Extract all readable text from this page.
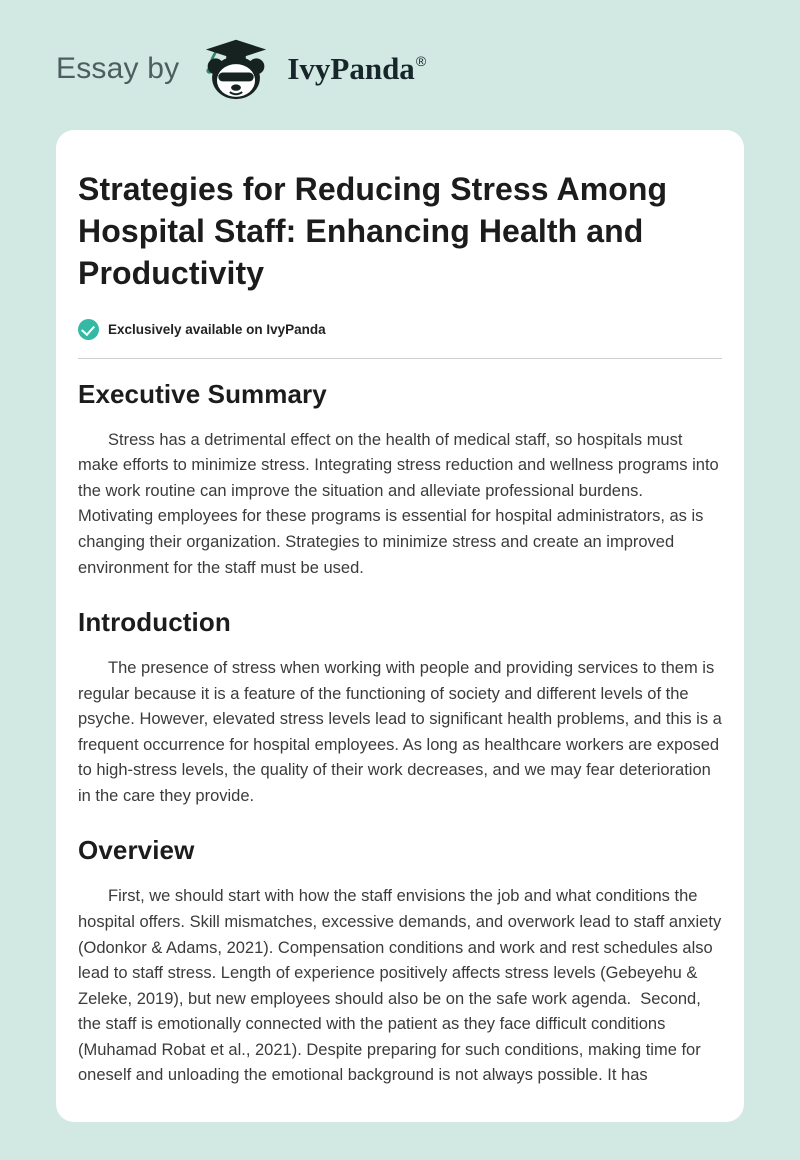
Essay by	IvyPanda ®
Strategies for Reducing Stress Among Hospital Staff: Enhancing Health and Productivity
Exclusively available on IvyPanda
Executive Summary

Stress has a detrimental effect on the health of medical staff, so hospitals must make efforts to minimize stress. Integrating stress reduction and wellness programs into the work routine can improve the situation and alleviate professional burdens. Motivating employees for these programs is essential for hospital administrators, as is changing their organization. Strategies to minimize stress and create an improved environment for the staff must be used.

Introduction

The presence of stress when working with people and providing services to them is regular because it is a feature of the functioning of society and different levels of the psyche. However, elevated stress levels lead to significant health problems, and this is a frequent occurrence for hospital employees. As long as healthcare workers are exposed to high-stress levels, the quality of their work decreases, and we may fear deterioration in the care they provide.

Overview

First, we should start with how the staff envisions the job and what conditions the hospital offers. Skill mismatches, excessive demands, and overwork lead to staff anxiety (Odonkor & Adams, 2021). Compensation conditions and work and rest schedules also lead to staff stress. Length of experience positively affects stress levels (Gebeyehu & Zeleke, 2019), but new employees should also be on the safe work agenda.  Second, the staff is emotionally connected with the patient as they face difficult conditions (Muhamad Robat et al., 2021). Despite preparing for such conditions, making time for oneself and unloading the emotional background is not always possible. It has
